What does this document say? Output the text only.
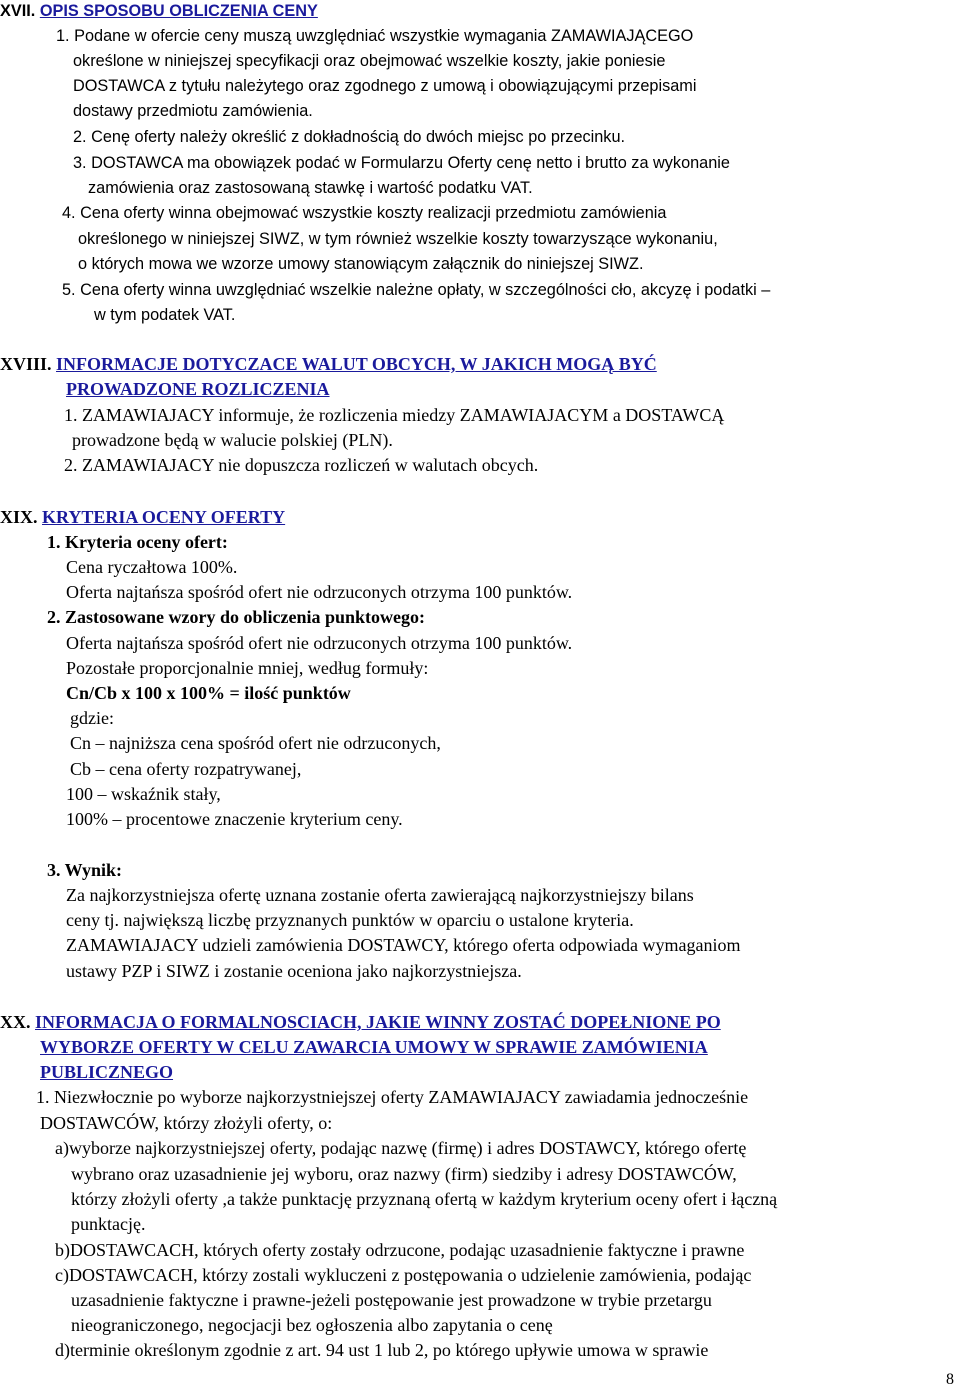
XVII. OPIS SPOSOBU OBLICZENIA CENY
1. Podane w ofercie ceny muszą uwzględniać wszystkie wymagania ZAMAWIAJĄCEGO
określone w niniejszej specyfikacji oraz obejmować wszelkie koszty, jakie poniesie
DOSTAWCA z tytułu należytego oraz zgodnego z umową i obowiązującymi przepisami
dostawy przedmiotu zamówienia.
2. Cenę oferty należy określić z dokładnością do dwóch miejsc po przecinku.
3. DOSTAWCA ma obowiązek podać w Formularzu Oferty cenę netto i brutto za wykonanie
zamówienia oraz zastosowaną stawkę i wartość podatku VAT.
4. Cena oferty winna obejmować wszystkie koszty realizacji przedmiotu zamówienia
określonego w niniejszej SIWZ, w tym również wszelkie koszty towarzyszące wykonaniu,
o których mowa we wzorze umowy stanowiącym załącznik do niniejszej SIWZ.
5. Cena oferty winna uwzględniać wszelkie należne opłaty, w szczególności cło, akcyzę i podatki –
w tym podatek VAT.
XVIII. INFORMACJE DOTYCZACE WALUT OBCYCH, W JAKICH MOGĄ BYĆ
PROWADZONE ROZLICZENIA
1. ZAMAWIAJACY informuje, że rozliczenia miedzy ZAMAWIAJACYM a DOSTAWCĄ
prowadzone będą w walucie polskiej (PLN).
2. ZAMAWIAJACY nie dopuszcza rozliczeń w walutach obcych.
XIX. KRYTERIA OCENY OFERTY
1. Kryteria oceny ofert:
Cena ryczałtowa 100%.
Oferta najtańsza spośród ofert nie odrzuconych otrzyma 100 punktów.
2. Zastosowane wzory do obliczenia punktowego:
Oferta najtańsza spośród ofert nie odrzuconych otrzyma 100 punktów.
Pozostałe proporcjonalnie mniej, według formuły:
Cn/Cb x 100 x 100% = ilość punktów
gdzie:
Cn – najniższa cena spośród ofert nie odrzuconych,
Cb – cena oferty rozpatrywanej,
100 – wskaźnik stały,
100% – procentowe znaczenie kryterium ceny.
3. Wynik:
Za najkorzystniejsza ofertę uznana zostanie oferta zawierającą najkorzystniejszy bilans
ceny tj. największą liczbę przyznanych punktów w oparciu o ustalone kryteria.
ZAMAWIAJACY udzieli zamówienia DOSTAWCY, którego oferta odpowiada wymaganiom
ustawy PZP i SIWZ i zostanie oceniona jako najkorzystniejsza.
XX. INFORMACJA O FORMALNOSCIACH, JAKIE WINNY ZOSTAĆ DOPEŁNIONE PO
WYBORZE OFERTY W CELU ZAWARCIA UMOWY W SPRAWIE ZAMÓWIENIA
PUBLICZNEGO
1. Niezwłocznie po wyborze najkorzystniejszej oferty ZAMAWIAJACY zawiadamia jednocześnie
DOSTAWCÓW, którzy złożyli oferty, o:
a)wyborze najkorzystniejszej oferty, podając nazwę (firmę) i adres DOSTAWCY, którego ofertę
wybrano oraz uzasadnienie jej wyboru, oraz nazwy (firm) siedziby i adresy DOSTAWCÓW,
którzy złożyli oferty ,a także punktację przyznaną ofertą w każdym kryterium oceny ofert i łączną
punktację.
b)DOSTAWCACH, których oferty zostały odrzucone, podając uzasadnienie faktyczne i prawne
c)DOSTAWCACH, którzy zostali wykluczeni z postępowania o udzielenie zamówienia, podając
uzasadnienie faktyczne i prawne-jeżeli postępowanie jest prowadzone w trybie przetargu
nieograniczonego, negocjacji bez ogłoszenia albo zapytania o cenę
d)terminie określonym zgodnie z art. 94 ust 1 lub 2, po którego upływie umowa w sprawie
8
